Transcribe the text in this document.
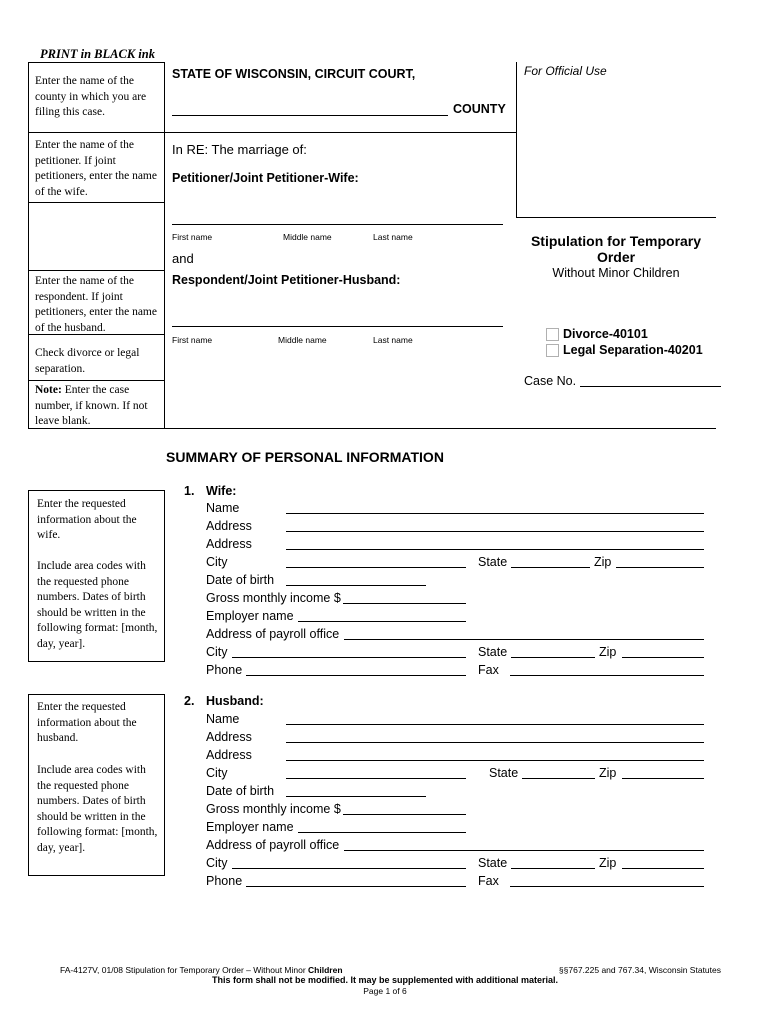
PRINT in BLACK ink
Enter the name of the county in which you are filing this case.
Enter the name of the petitioner. If joint petitioners, enter the name of the wife.
Enter the name of the respondent. If joint petitioners, enter the name of the husband.
Check divorce or legal separation.
Note: Enter the case number, if known. If not leave blank.
STATE OF WISCONSIN, CIRCUIT COURT,
COUNTY
For Official Use
In RE: The marriage of:
Petitioner/Joint Petitioner-Wife:
First name	Middle name	Last name
and
Respondent/Joint Petitioner-Husband:
First name	Middle name	Last name
Stipulation for Temporary
Order
Without Minor Children
Divorce-40101
Legal Separation-40201
Case No.
SUMMARY OF PERSONAL INFORMATION
Enter the requested information about the wife.
Include area codes with the requested phone numbers. Dates of birth should be written in the following format: [month, day, year].
1. Wife:
Name
Address
Address
City	State	Zip
Date of birth
Gross monthly income $
Employer name
Address of payroll office
City	State	Zip
Phone	Fax
Enter the requested information about the husband.
Include area codes with the requested phone numbers. Dates of birth should be written in the following format: [month, day, year].
2. Husband:
Name
Address
Address
City	State	Zip
Date of birth
Gross monthly income $
Employer name
Address of payroll office
City	State	Zip
Phone	Fax
FA-4127V, 01/08 Stipulation for Temporary Order – Without Minor Children	§§767.225 and 767.34, Wisconsin Statutes
This form shall not be modified. It may be supplemented with additional material.
Page 1 of 6
